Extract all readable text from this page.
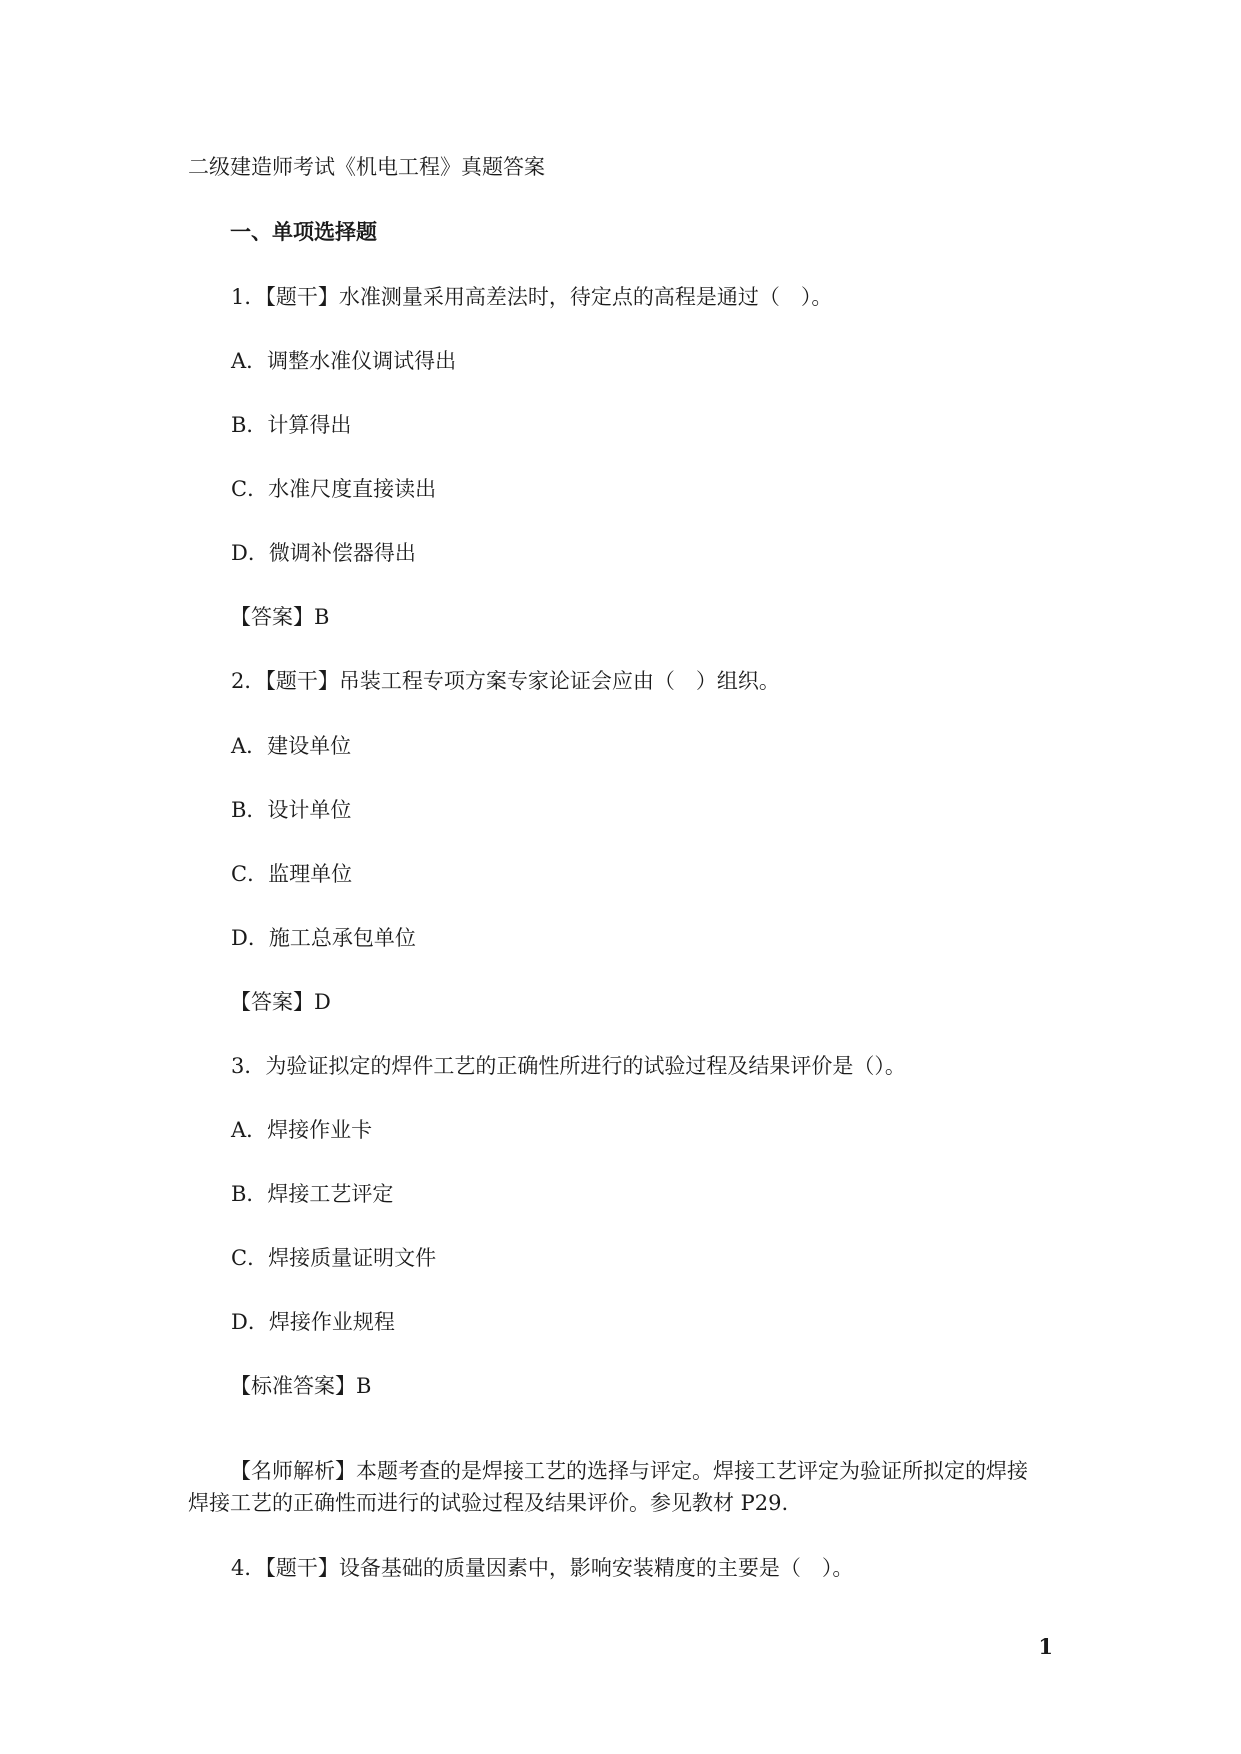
二级建造师考试《机电工程》真题答案
一、单项选择题
1．【题干】水准测量采用高差法时，待定点的高程是通过（　）。
A．调整水准仪调试得出
B．计算得出
C．水准尺度直接读出
D．微调补偿器得出
【答案】B
2．【题干】吊装工程专项方案专家论证会应由（　）组织。
A．建设单位
B．设计单位
C．监理单位
D．施工总承包单位
【答案】D
3．为验证拟定的焊件工艺的正确性所进行的试验过程及结果评价是（）。
A．焊接作业卡
B．焊接工艺评定
C．焊接质量证明文件
D．焊接作业规程
【标准答案】B
【名师解析】本题考查的是焊接工艺的选择与评定。焊接工艺评定为验证所拟定的焊接
焊接工艺的正确性而进行的试验过程及结果评价。参见教材 P29.
4．【题干】设备基础的质量因素中，影响安装精度的主要是（　）。
1
